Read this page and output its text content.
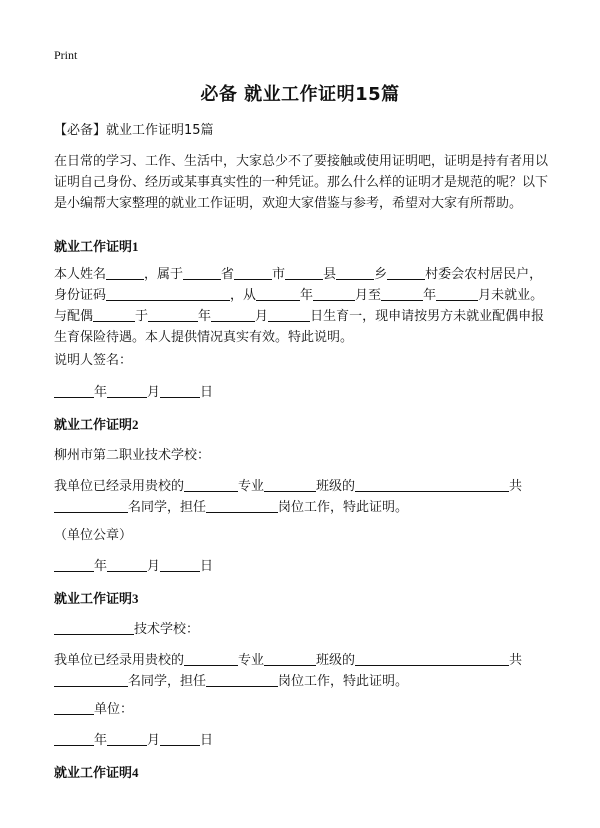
Print
必备 就业工作证明15篇

【必备】就业工作证明15篇

在日常的学习、工作、生活中，大家总少不了要接触或使用证明吧，证明是持有者用以证明自己身份、经历或某事真实性的一种凭证。那么什么样的证明才是规范的呢？以下是小编帮大家整理的就业工作证明，欢迎大家借鉴与参考，希望对大家有所帮助。

就业工作证明1

本人姓名	，属于	省	市	县	乡	村委会农村居民户，身份证码	，从	年	月至	年	月未就业。与配偶	于	年	月	日生育一，现申请按男方未就业配偶申报生育保险待遇。本人提供情况真实有效。特此说明。

说明人签名：
年	月	日
就业工作证明2
柳州市第二职业技术学校：

我单位已经录用贵校的	专业	班级的	共
名同学，担任	岗位工作，特此证明。

（单位公章）
年	月	日
就业工作证明3
技术学校：

我单位已经录用贵校的	专业	班级的	共
名同学，担任	岗位工作，特此证明。

单位：
年	月	日
就业工作证明4
